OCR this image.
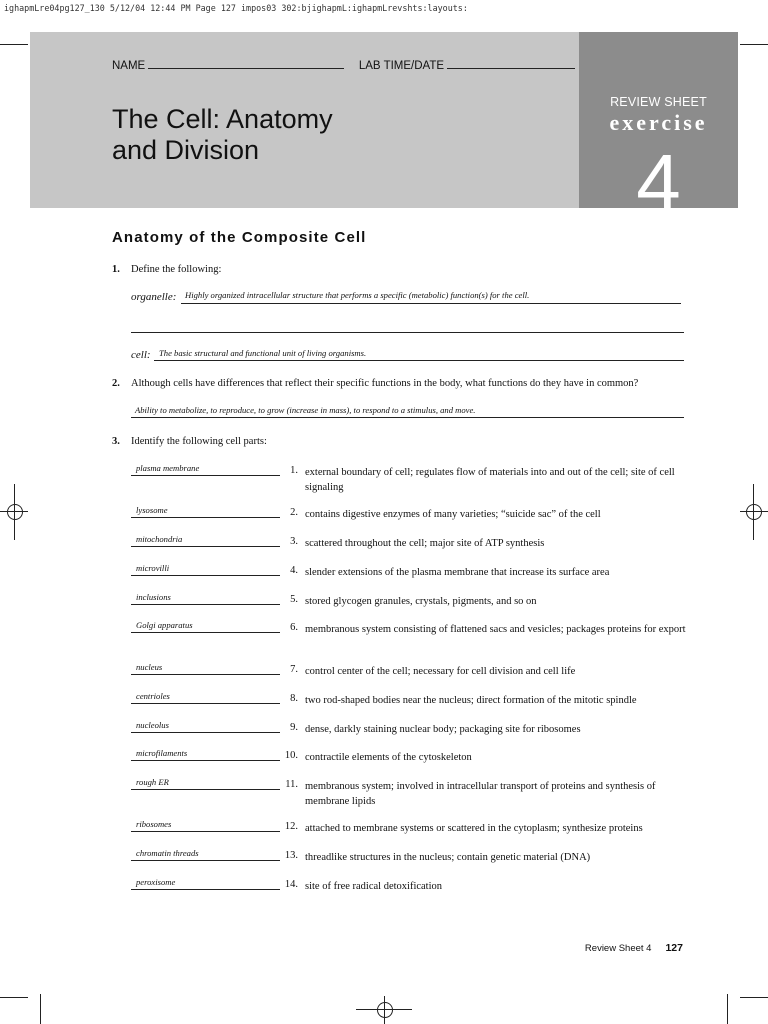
ighapmLre04pg127_130 5/12/04 12:44 PM Page 127 impos03 302:bjighapmL:ighapmLrevshts:layouts:
NAME	LAB TIME/DATE
The Cell: Anatomy
and Division
REVIEW SHEET
exercise
4
Anatomy of the Composite Cell
1. Define the following:
organelle: Highly organized intracellular structure that performs a specific (metabolic) function(s) for the cell.
cell: The basic structural and functional unit of living organisms.
2. Although cells have differences that reflect their specific functions in the body, what functions do they have in common?
Ability to metabolize, to reproduce, to grow (increase in mass), to respond to a stimulus, and move.
3. Identify the following cell parts:
plasma membrane	1. external boundary of cell; regulates flow of materials into and out of the cell; site of cell signaling
lysosome	2. contains digestive enzymes of many varieties; “suicide sac” of the cell
mitochondria	3. scattered throughout the cell; major site of ATP synthesis
microvilli	4. slender extensions of the plasma membrane that increase its surface area
inclusions	5. stored glycogen granules, crystals, pigments, and so on
Golgi apparatus	6. membranous system consisting of flattened sacs and vesicles; packages proteins for export
nucleus	7. control center of the cell; necessary for cell division and cell life
centrioles	8. two rod-shaped bodies near the nucleus; direct formation of the mitotic spindle
nucleolus	9. dense, darkly staining nuclear body; packaging site for ribosomes
microfilaments	10. contractile elements of the cytoskeleton
rough ER	11. membranous system; involved in intracellular transport of proteins and synthesis of membrane lipids
ribosomes	12. attached to membrane systems or scattered in the cytoplasm; synthesize proteins
chromatin threads	13. threadlike structures in the nucleus; contain genetic material (DNA)
peroxisome	14. site of free radical detoxification
Review Sheet 4 127
